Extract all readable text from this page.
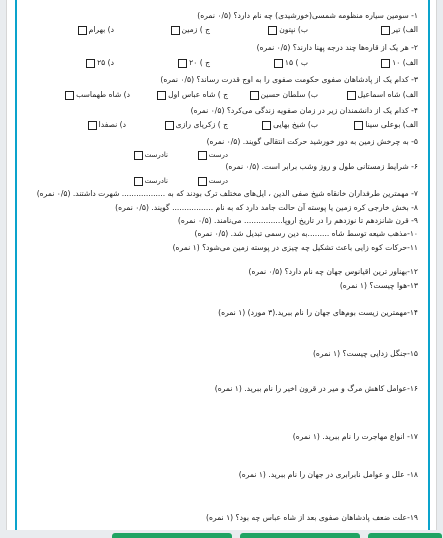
۱- سومین سیاره منظومه شمسی(خورشیدی) چه نام دارد؟ (۰/۵ نمره)
الف) تیر
ب) نپتون
ج ) زمین
د) بهرام
۲- هر یک از قاره‌ها چند درجه پهنا دارند؟ (۰/۵ نمره)
الف) ۱۰
ب ) ۱۵
ج ) ۲۰
د) ۲۵
۳- کدام یک از پادشاهان صفوی حکومت صفوی را به اوج قدرت رساند؟ (۰/۵ نمره)
الف) شاه اسماعیل
ب) سلطان حسین
ج ) شاه عباس اول
د) شاه طهماسب
۴- کدام یک از دانشمندان زیر در زمان صفویه زندگی می‌کرد؟ (۰/۵ نمره)
الف) بوعلی سینا
ب) شیخ بهایی
ج ) زکریای رازی
د) نصفدا
۵- به چرخش زمین به دور خورشید حرکت انتقالی گویند. (۰/۵ نمره)
درست
نادرست
۶- شرایط زمستانی طول و روز وشب برابر است. (۰/۵ نمره)
درست
نادرست
۷- مهمترین طرفداران خانقاه شیخ صفی الدین ، ایل‌های مختلف ترک بودند که به .................. شهرت داشتند. (۰/۵ نمره)
۸- بخش خارجی کره زمین یا پوسته آن حالت جامد دارد که به نام ................. گویند. (۰/۵ نمره)
۹- قرن شانزدهم تا نوزدهم را در تاریخ اروپا................ می‌نامند. (۰/۵ نمره)
۱۰-مذهب شیعه توسط شاه .........به دین رسمی تبدیل شد. (۰/۵ نمره)
۱۱-حرکات کوه زایی باعث تشکیل چه چیزی در پوسته زمین می‌شود؟ (۱ نمره)
۱۲-بهناور ترین اقیانوس جهان چه نام دارد؟ (۰/۵ نمره)
۱۳-هوا چیست؟ (۱ نمره)
۱۴-مهمترین زیست بوم‌های جهان را نام ببرید.(۳ مورد) (۱ نمره)
۱۵-جنگل زدایی چیست؟ (۱ نمره)
۱۶-عوامل کاهش مرگ و میر در قرون اخیر را نام ببرید. (۱ نمره)
۱۷- انواع مهاجرت را نام ببرید. (۱ نمره)
۱۸- علل و عوامل نابرابری در جهان را نام ببرید. (۱ نمره)
۱۹-علت ضعف پادشاهان صفوی بعد از شاه عباس چه بود؟ (۱ نمره)
